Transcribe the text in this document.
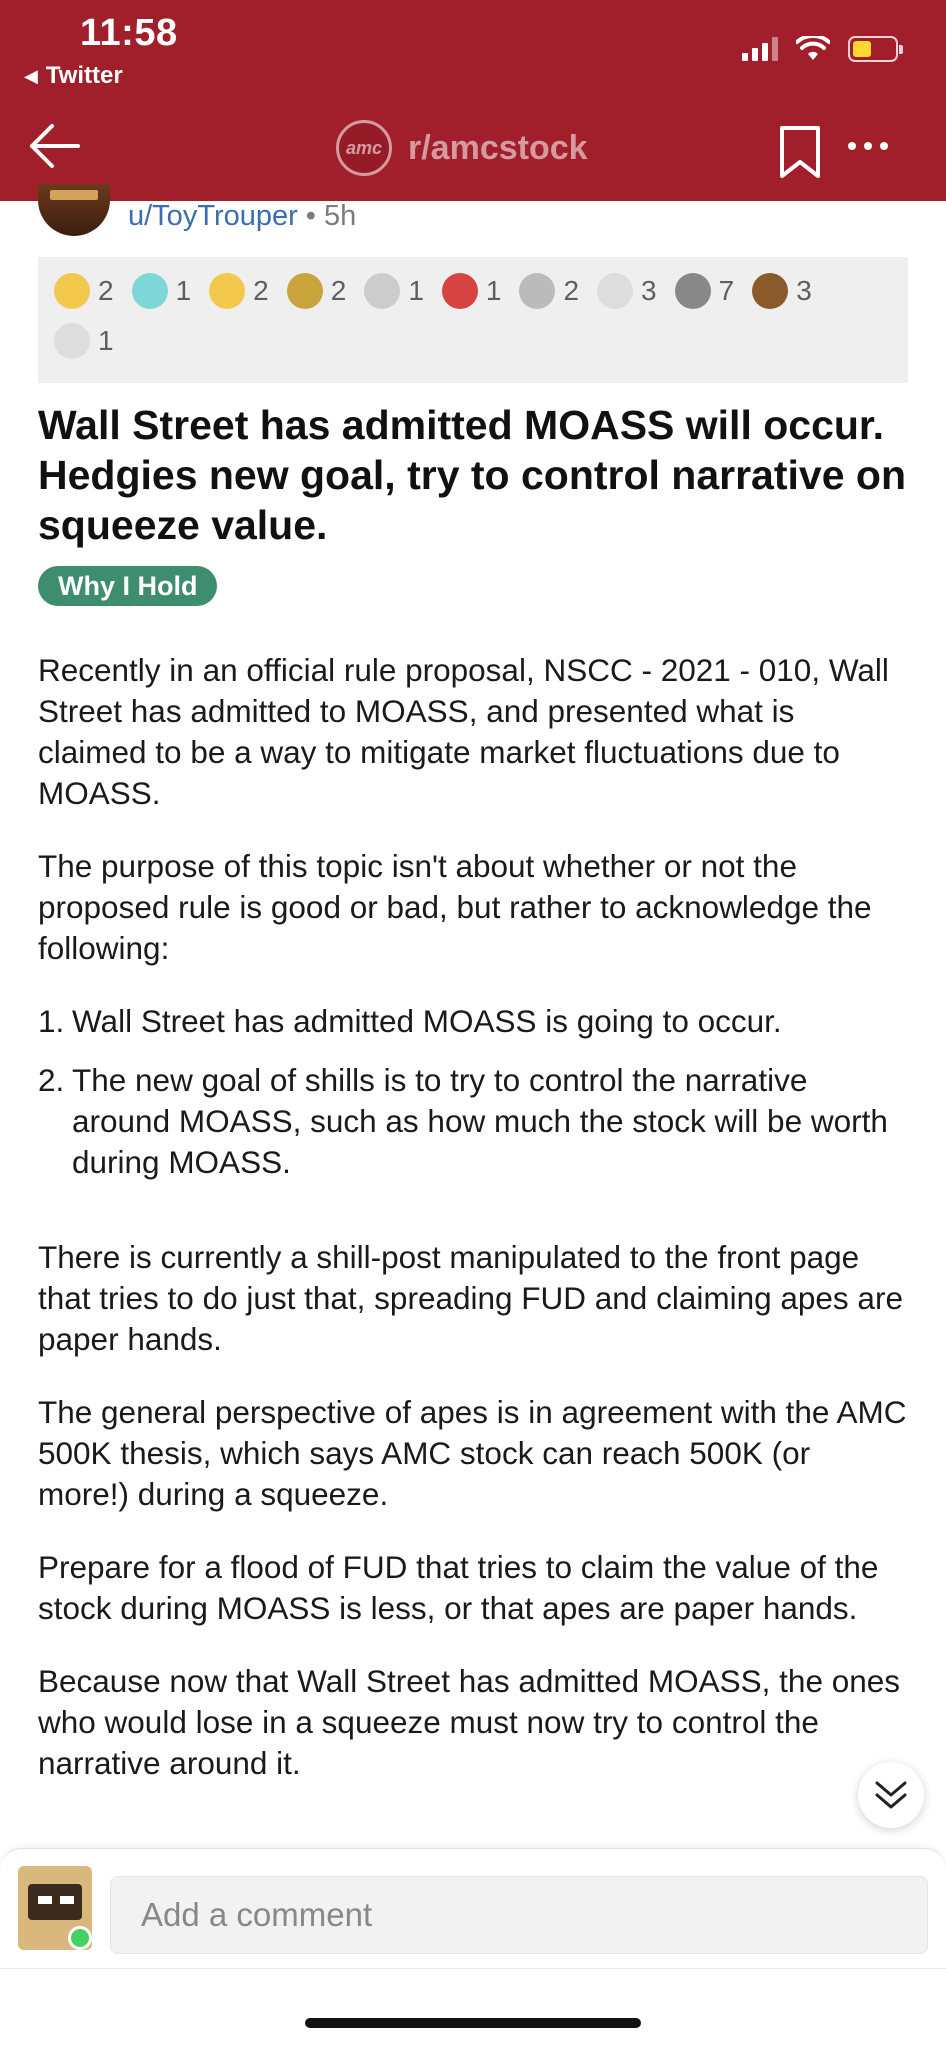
11:58
◀ Twitter
amc r/amcstock
u/ToyTrouper • 5h
2 1 2 2 1 1 2 3 7 3
1
Wall Street has admitted MOASS will occur. Hedgies new goal, try to control narrative on squeeze value.
Why I Hold

Recently in an official rule proposal, NSCC - 2021 - 010, Wall Street has admitted to MOASS, and presented what is claimed to be a way to mitigate market fluctuations due to MOASS.

The purpose of this topic isn't about whether or not the proposed rule is good or bad, but rather to acknowledge the following:

1. Wall Street has admitted MOASS is going to occur.
2. The new goal of shills is to try to control the narrative around MOASS, such as how much the stock will be worth during MOASS.

There is currently a shill-post manipulated to the front page that tries to do just that, spreading FUD and claiming apes are paper hands.

The general perspective of apes is in agreement with the AMC 500K thesis, which says AMC stock can reach 500K (or more!) during a squeeze.

Prepare for a flood of FUD that tries to claim the value of the stock during MOASS is less, or that apes are paper hands.

Because now that Wall Street has admitted MOASS, the ones who would lose in a squeeze must now try to control the narrative around it.

Add a comment
